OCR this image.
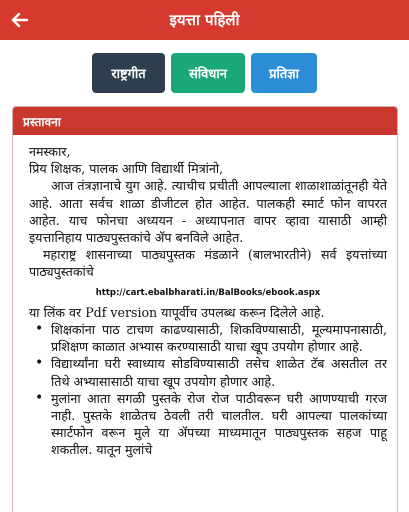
इयत्ता पहिली
राष्ट्रगीत	संविधान	प्रतिज्ञा
प्रस्तावना

नमस्कार,

प्रिय शिक्षक, पालक आणि विद्यार्थी मित्रांनो,

आज तंत्रज्ञानाचे युग आहे. त्याचीच प्रचीती आपल्याला शाळाशाळांतूनही येते आहे. आता सर्वच शाळा डीजीटल होत आहेत. पालकही स्मार्ट फोन वापरत आहेत. याच फोनचा अध्ययन - अध्यापनात वापर व्हावा यासाठी आम्ही इयत्तानिहाय पाठ्यपुस्तकांचे ॲप बनविले आहेत.

महाराष्ट्र शासनाच्या पाठ्यपुस्तक मंडळाने (बालभारतीने) सर्व इयत्तांच्या पाठ्यपुस्तकांचे

http://cart.ebalbharati.in/BalBooks/ebook.aspx

या लिंक वर Pdf version यापूर्वीच उपलब्ध करून दिलेले आहे.

• शिक्षकांना पाठ टाचण काढण्यासाठी, शिकविण्यासाठी, मूल्यमापनासाठी, प्रशिक्षण काळात अभ्यास करण्यासाठी याचा खूप उपयोग होणार आहे.
• विद्यार्थ्यांना घरी स्वाध्याय सोडविण्यासाठी तसेच शाळेत टॅब असतील तर तिथे अभ्यासासाठी याचा खूप उपयोग होणार आहे.
• मुलांना आता सगळी पुस्तके रोज रोज पाठीवरून घरी आणण्याची गरज नाही. पुस्तके शाळेतच ठेवली तरी चालतील. घरी आपल्या पालकांच्या स्मार्टफोन वरून मुले या ॲपच्या माध्यमातून पाठ्यपुस्तक सहज पाहू शकतील. यातून मुलांचे
